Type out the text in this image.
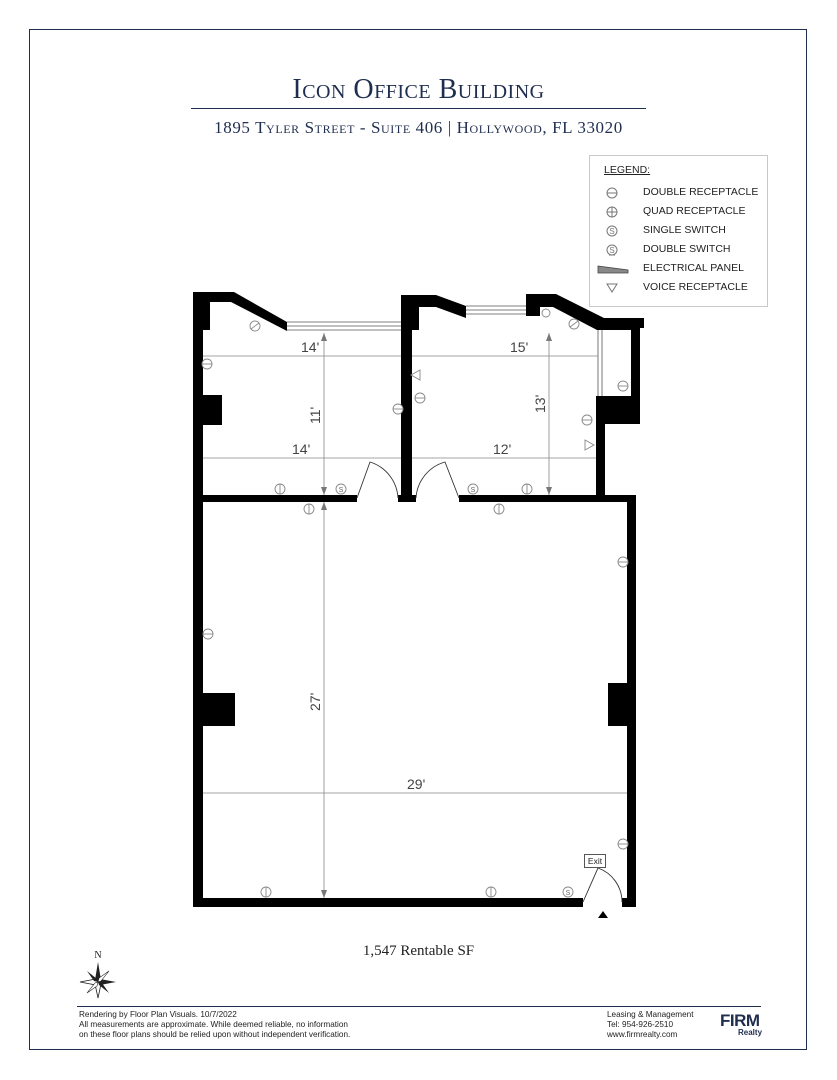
Icon Office Building
1895 Tyler Street - Suite 406 | Hollywood, FL 33020
LEGEND:
DOUBLE RECEPTACLE
QUAD RECEPTACLE
S	SINGLE SWITCH
S	DOUBLE SWITCH
ELECTRICAL PANEL
VOICE RECEPTACLE
14'
14'
11'
15'
12'
13'
27'
29'
S	S
S
Exit
1,547 Rentable SF
N
Rendering by Floor Plan Visuals. 10/7/2022
All measurements are approximate. While deemed reliable, no information
on these floor plans should be relied upon without independent verification.
Leasing & Management
Tel: 954-926-2510
www.firmrealty.com
FIRM
Realty
